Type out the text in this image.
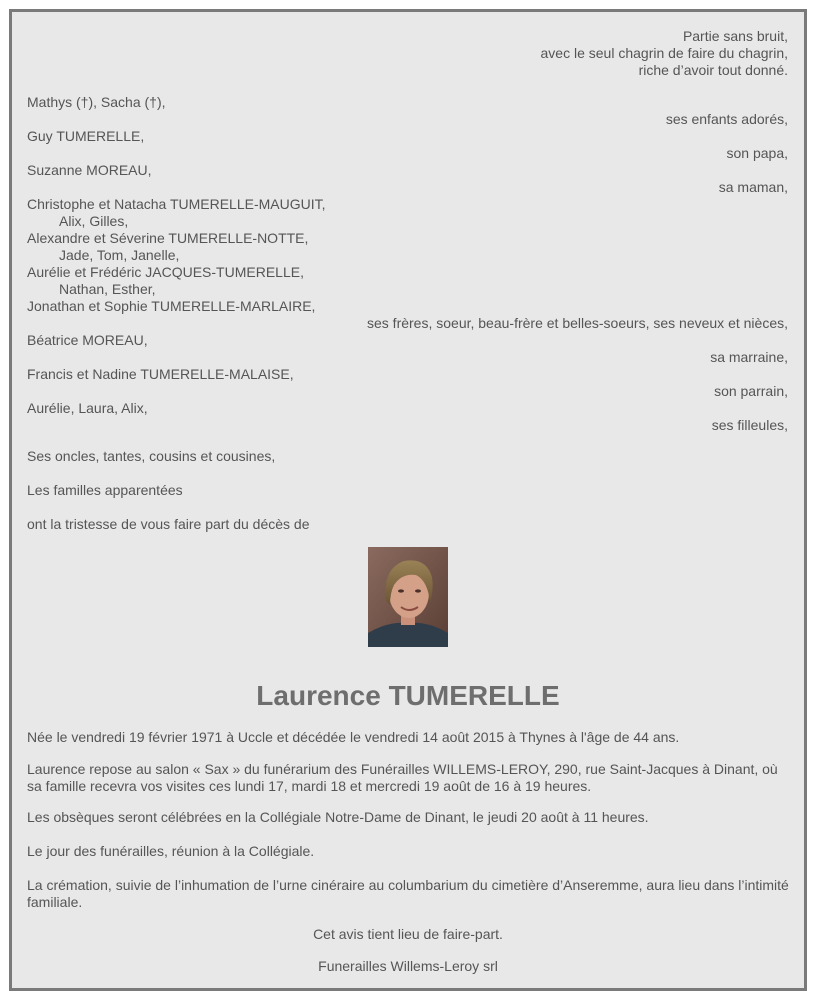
Partie sans bruit,
avec le seul chagrin de faire du chagrin,
riche d’avoir tout donné.
Mathys (†), Sacha (†),
ses enfants adorés,
Guy TUMERELLE,
son papa,
Suzanne MOREAU,
sa maman,
Christophe et Natacha TUMERELLE-MAUGUIT,
Alix, Gilles,
Alexandre et Séverine TUMERELLE-NOTTE,
Jade, Tom, Janelle,
Aurélie et Frédéric JACQUES-TUMERELLE,
Nathan, Esther,
Jonathan et Sophie TUMERELLE-MARLAIRE,
ses frères, soeur, beau-frère et belles-soeurs, ses neveux et nièces,
Béatrice MOREAU,
sa marraine,
Francis et Nadine TUMERELLE-MALAISE,
son parrain,
Aurélie, Laura, Alix,
ses filleules,
Ses oncles, tantes, cousins et cousines,
Les familles apparentées
ont la tristesse de vous faire part du décès de
Laurence TUMERELLE
Née le vendredi 19 février 1971 à Uccle et décédée le vendredi 14 août 2015 à Thynes à l'âge de 44 ans.
Laurence repose au salon « Sax » du funérarium des Funérailles WILLEMS-LEROY, 290, rue Saint-Jacques à Dinant, où sa famille recevra vos visites ces lundi 17, mardi 18 et mercredi 19 août de 16 à 19 heures.
Les obsèques seront célébrées en la Collégiale Notre-Dame de Dinant, le jeudi 20 août à 11 heures.
Le jour des funérailles, réunion à la Collégiale.
La crémation, suivie de l’inhumation de l’urne cinéraire au columbarium du cimetière d’Anseremme, aura lieu dans l’intimité familiale.
Cet avis tient lieu de faire-part.
Funerailles Willems-Leroy srl
